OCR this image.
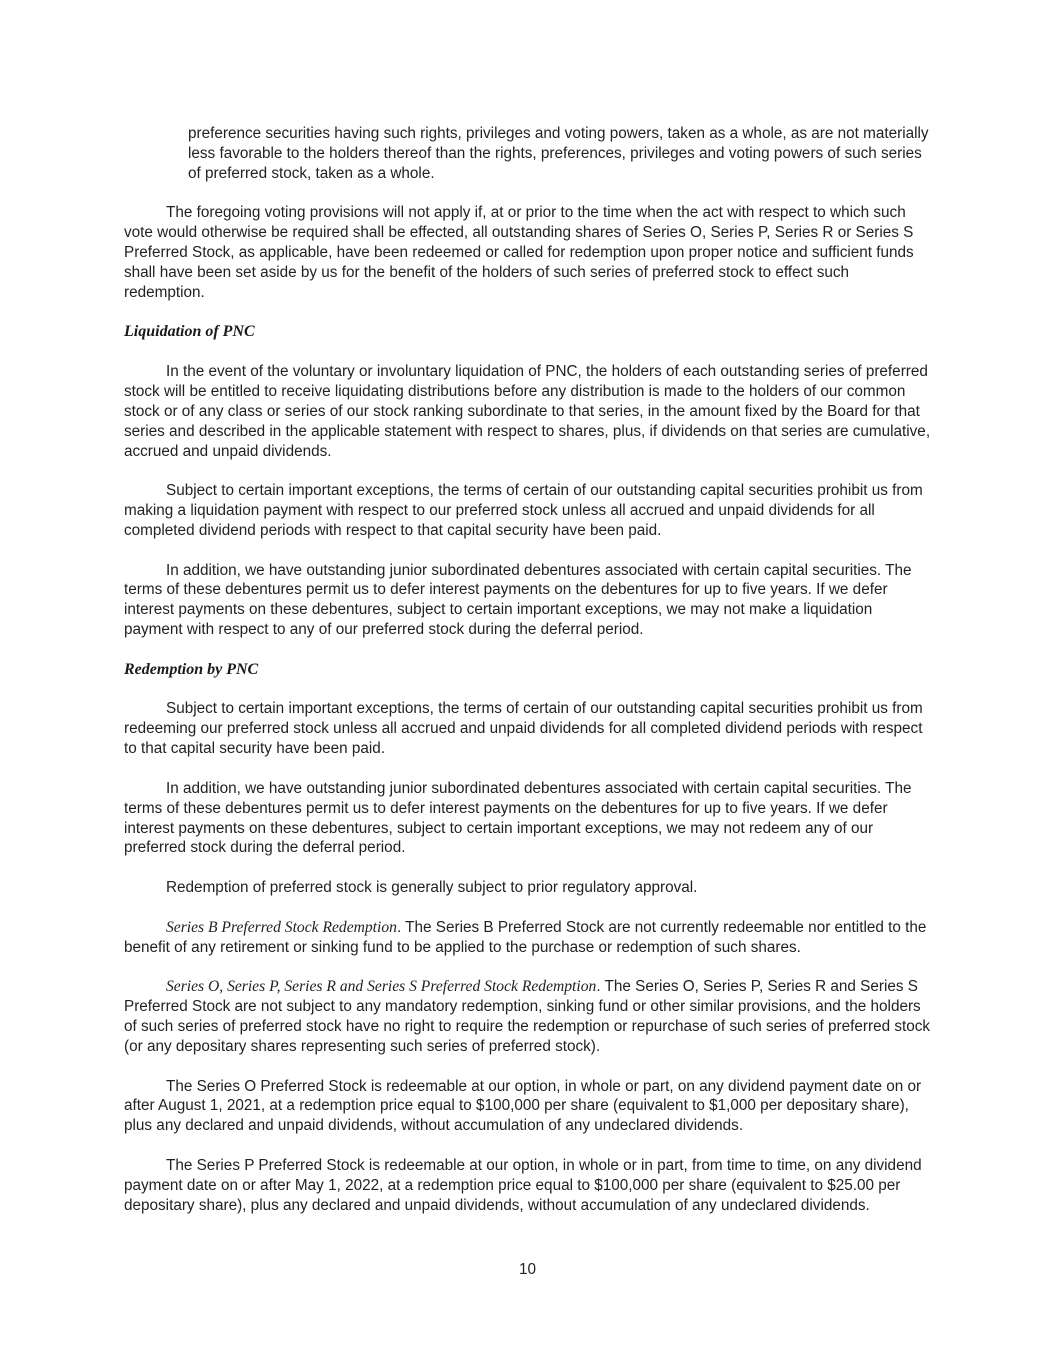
preference securities having such rights, privileges and voting powers, taken as a whole, as are not materially less favorable to the holders thereof than the rights, preferences, privileges and voting powers of such series of preferred stock, taken as a whole.

The foregoing voting provisions will not apply if, at or prior to the time when the act with respect to which such vote would otherwise be required shall be effected, all outstanding shares of Series O, Series P, Series R or Series S Preferred Stock, as applicable, have been redeemed or called for redemption upon proper notice and sufficient funds shall have been set aside by us for the benefit of the holders of such series of preferred stock to effect such redemption.

Liquidation of PNC

In the event of the voluntary or involuntary liquidation of PNC, the holders of each outstanding series of preferred stock will be entitled to receive liquidating distributions before any distribution is made to the holders of our common stock or of any class or series of our stock ranking subordinate to that series, in the amount fixed by the Board for that series and described in the applicable statement with respect to shares, plus, if dividends on that series are cumulative, accrued and unpaid dividends.

Subject to certain important exceptions, the terms of certain of our outstanding capital securities prohibit us from making a liquidation payment with respect to our preferred stock unless all accrued and unpaid dividends for all completed dividend periods with respect to that capital security have been paid.

In addition, we have outstanding junior subordinated debentures associated with certain capital securities. The terms of these debentures permit us to defer interest payments on the debentures for up to five years. If we defer interest payments on these debentures, subject to certain important exceptions, we may not make a liquidation payment with respect to any of our preferred stock during the deferral period.

Redemption by PNC

Subject to certain important exceptions, the terms of certain of our outstanding capital securities prohibit us from redeeming our preferred stock unless all accrued and unpaid dividends for all completed dividend periods with respect to that capital security have been paid.

In addition, we have outstanding junior subordinated debentures associated with certain capital securities. The terms of these debentures permit us to defer interest payments on the debentures for up to five years. If we defer interest payments on these debentures, subject to certain important exceptions, we may not redeem any of our preferred stock during the deferral period.

Redemption of preferred stock is generally subject to prior regulatory approval.

Series B Preferred Stock Redemption. The Series B Preferred Stock are not currently redeemable nor entitled to the benefit of any retirement or sinking fund to be applied to the purchase or redemption of such shares.

Series O, Series P, Series R and Series S Preferred Stock Redemption. The Series O, Series P, Series R and Series S Preferred Stock are not subject to any mandatory redemption, sinking fund or other similar provisions, and the holders of such series of preferred stock have no right to require the redemption or repurchase of such series of preferred stock (or any depositary shares representing such series of preferred stock).

The Series O Preferred Stock is redeemable at our option, in whole or part, on any dividend payment date on or after August 1, 2021, at a redemption price equal to $100,000 per share (equivalent to $1,000 per depositary share), plus any declared and unpaid dividends, without accumulation of any undeclared dividends.

The Series P Preferred Stock is redeemable at our option, in whole or in part, from time to time, on any dividend payment date on or after May 1, 2022, at a redemption price equal to $100,000 per share (equivalent to $25.00 per depositary share), plus any declared and unpaid dividends, without accumulation of any undeclared dividends.

10
